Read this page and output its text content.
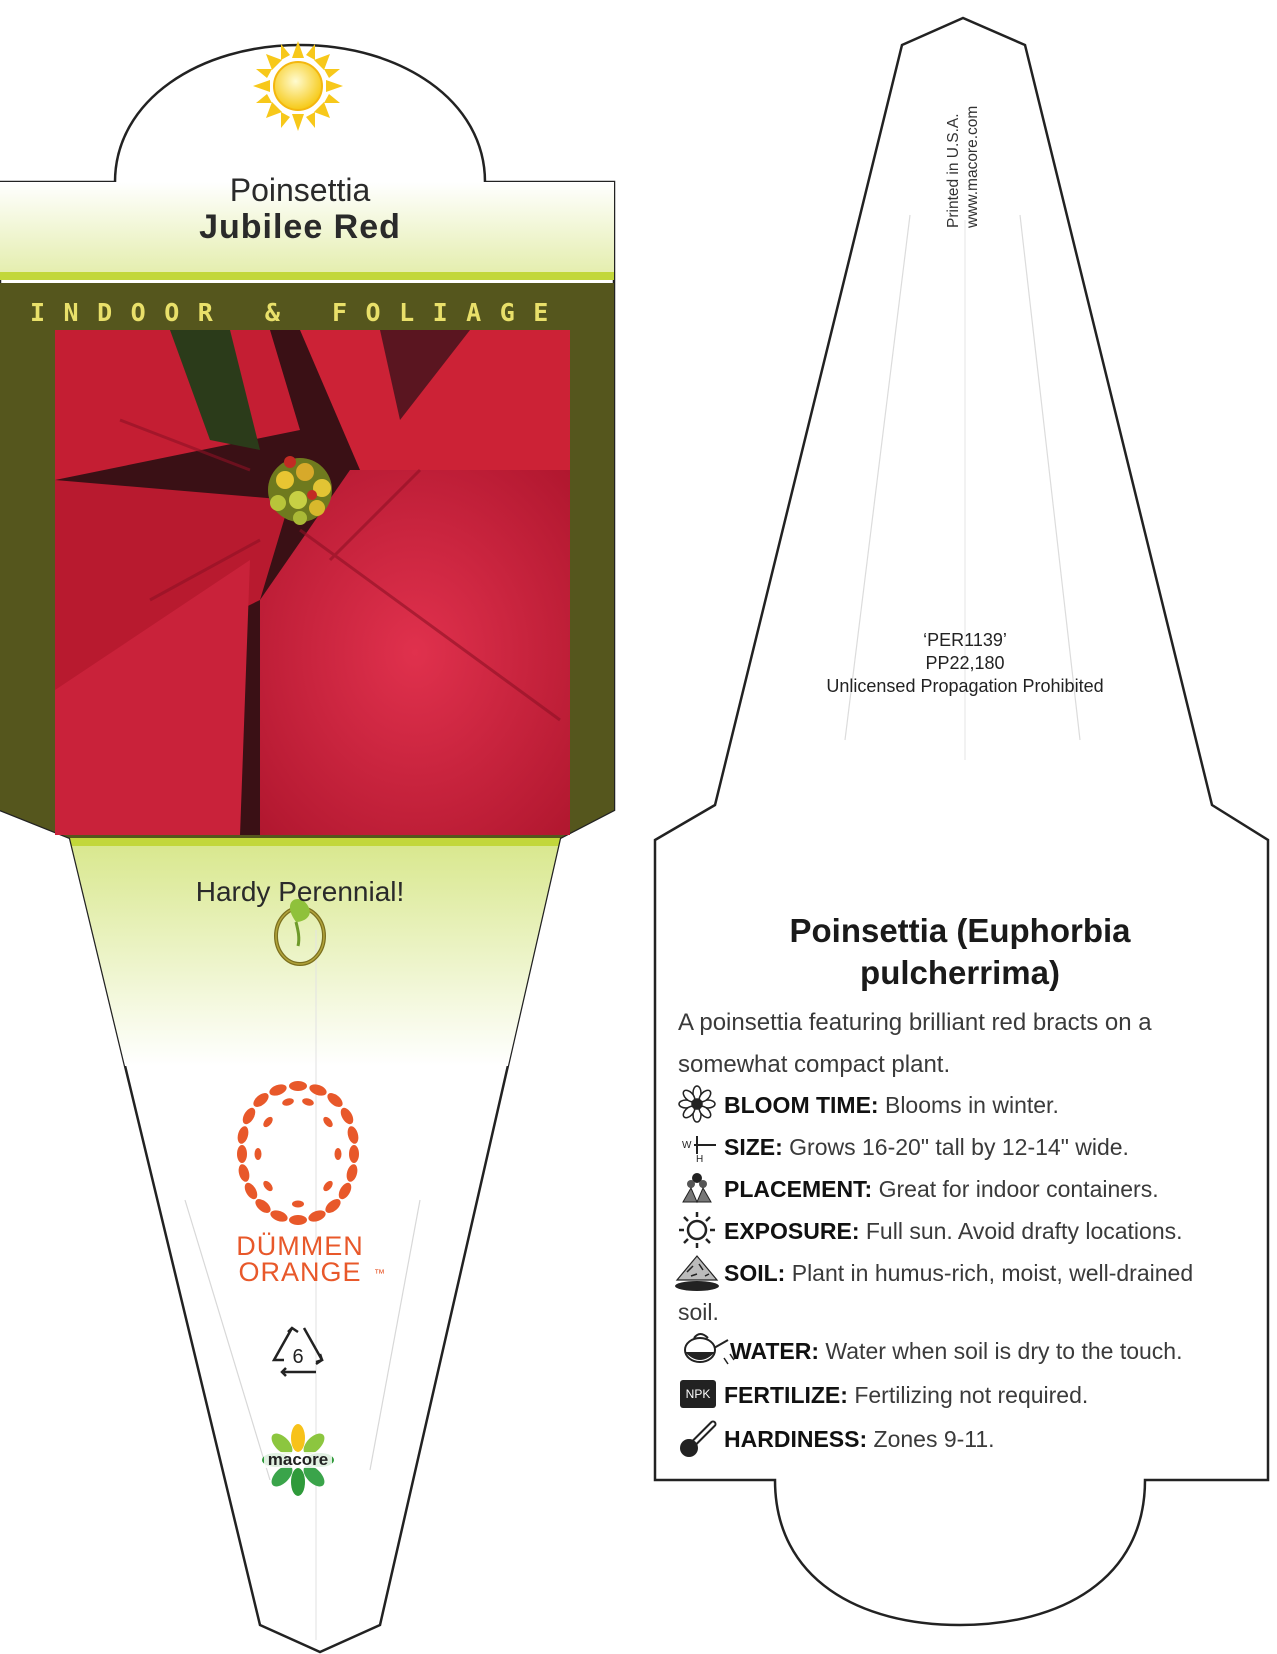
Poinsettia
Jubilee Red
INDOOR & FOLIAGE
Hardy Perennial!
DÜMMEN
ORANGE	™
6
macore
Printed in U.S.A. www.macore.com
‘PER1139’
PP22,180
Unlicensed Propagation Prohibited
Poinsettia (Euphorbia
pulcherrima)
A poinsettia featuring brilliant red bracts on a
somewhat compact plant.
BLOOM TIME: Blooms in winter.
SIZE: Grows 16-20" tall by 12-14" wide.
W
H
PLACEMENT: Great for indoor containers.
EXPOSURE: Full sun. Avoid drafty locations.
SOIL: Plant in humus-rich, moist, well-drained
soil.
WATER: Water when soil is dry to the touch.
FERTILIZE: Fertilizing not required.
NPK
HARDINESS: Zones 9-11.
